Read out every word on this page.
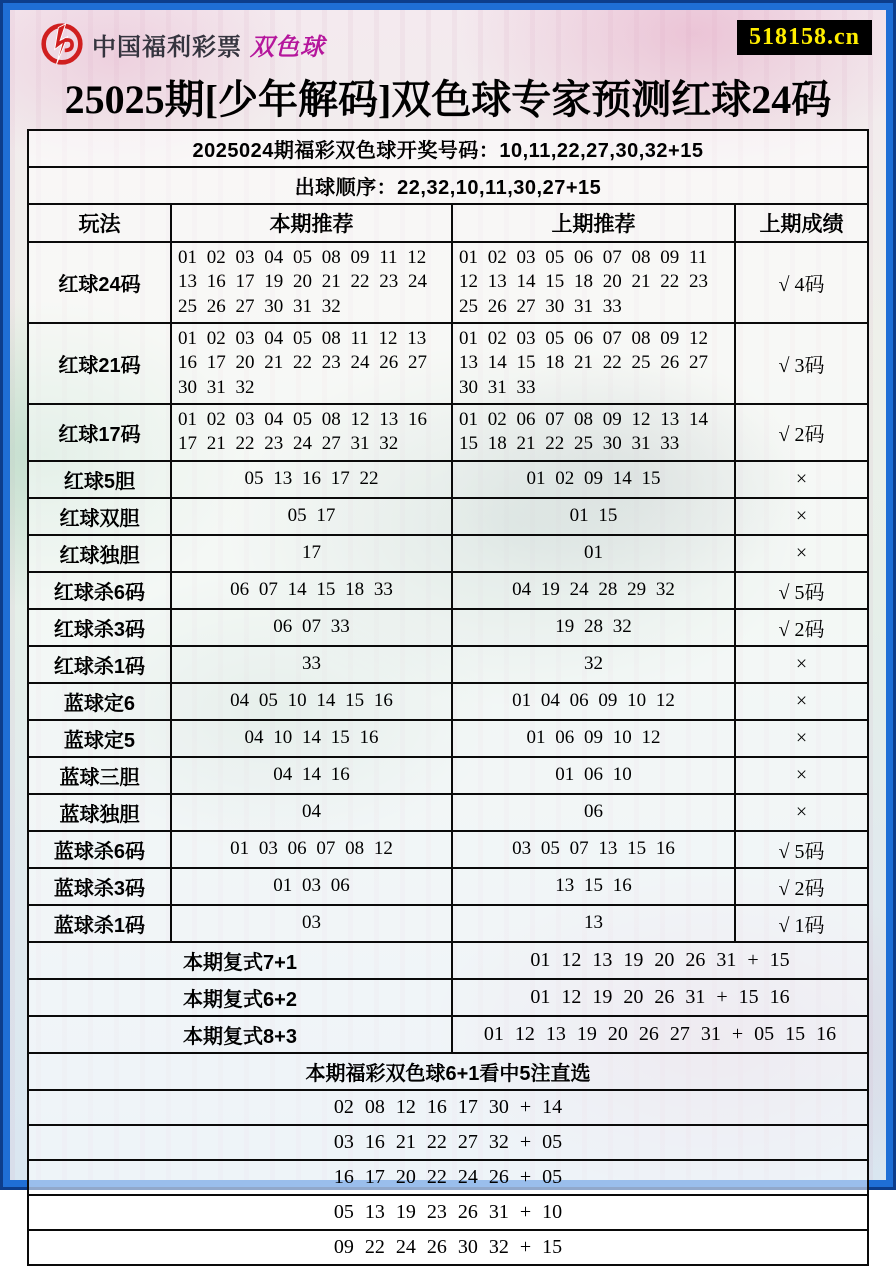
中国福利彩票 双色球	518158.cn
25025期[少年解码]双色球专家预测红球24码
2025024期福彩双色球开奖号码：10,11,22,27,30,32+15			
出球顺序：22,32,10,11,30,27+15			
玩法	本期推荐	上期推荐	上期成绩
红球24码	01 02 03 04 05 08 09 11 12 13 16 17 19 20 21 22 23 24 25 26 27 30 31 32	01 02 03 05 06 07 08 09 11 12 13 14 15 18 20 21 22 23 25 26 27 30 31 33	√ 4码
红球21码	01 02 03 04 05 08 11 12 13 16 17 20 21 22 23 24 26 27 30 31 32	01 02 03 05 06 07 08 09 12 13 14 15 18 21 22 25 26 27 30 31 33	√ 3码
红球17码	01 02 03 04 05 08 12 13 16 17 21 22 23 24 27 31 32	01 02 06 07 08 09 12 13 14 15 18 21 22 25 30 31 33	√ 2码
红球5胆	05 13 16 17 22	01 02 09 14 15	×
红球双胆	05 17	01 15	×
红球独胆	17	01	×
红球杀6码	06 07 14 15 18 33	04 19 24 28 29 32	√ 5码
红球杀3码	06 07 33	19 28 32	√ 2码
红球杀1码	33	32	×
蓝球定6	04 05 10 14 15 16	01 04 06 09 10 12	×
蓝球定5	04 10 14 15 16	01 06 09 10 12	×
蓝球三胆	04 14 16	01 06 10	×
蓝球独胆	04	06	×
蓝球杀6码	01 03 06 07 08 12	03 05 07 13 15 16	√ 5码
蓝球杀3码	01 03 06	13 15 16	√ 2码
蓝球杀1码	03	13	√ 1码
本期复式7+1		01 12 13 19 20 26 31 + 15	
本期复式6+2		01 12 19 20 26 31 + 15 16	
本期复式8+3		01 12 13 19 20 26 27 31 + 05 15 16	
本期福彩双色球6+1看中5注直选			
02 08 12 16 17 30 + 14			
03 16 21 22 27 32 + 05			
16 17 20 22 24 26 + 05			
05 13 19 23 26 31 + 10			
09 22 24 26 30 32 + 15			
